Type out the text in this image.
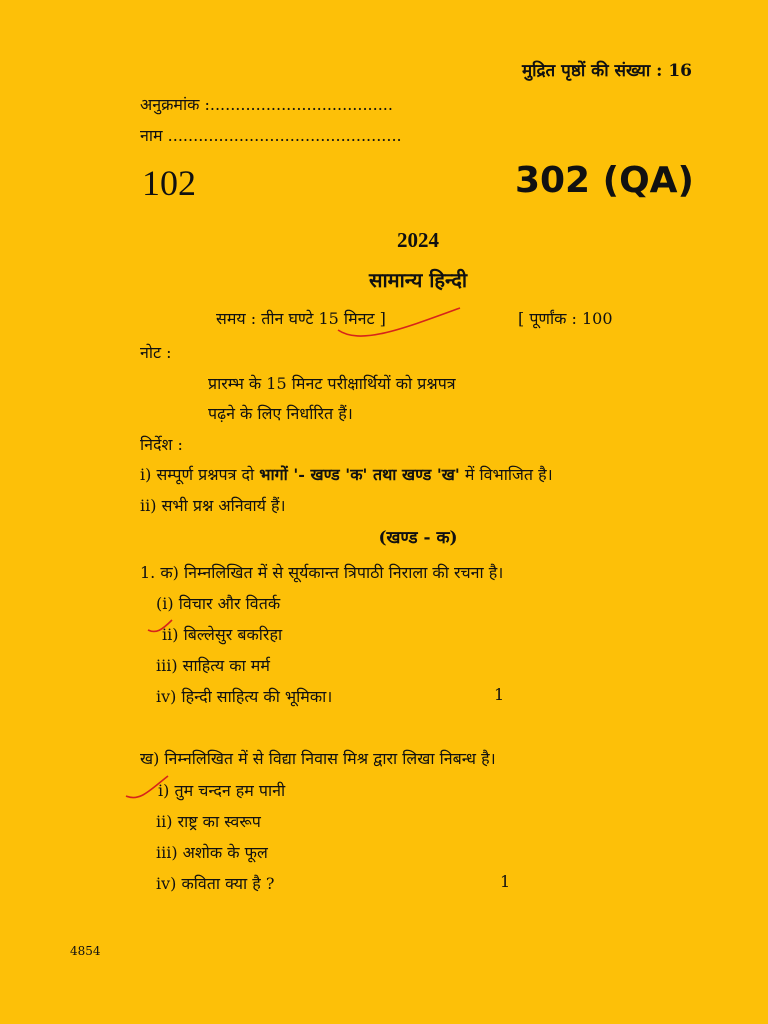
मुद्रित पृष्ठों की संख्या : 16
अनुक्रमांक :....................................
नाम ..............................................
102	302 (QA)
2024
सामान्य हिन्दी
समय : तीन घण्टे 15 मिनट ]	[ पूर्णांक : 100
नोट :
प्रारम्भ के 15 मिनट परीक्षार्थियों को प्रश्नपत्र
पढ़ने के लिए निर्धारित हैं।
निर्देश :
i) सम्पूर्ण प्रश्नपत्र दो भागों '- खण्ड 'क' तथा खण्ड 'ख' में विभाजित है।
ii) सभी प्रश्न अनिवार्य हैं।
(खण्ड - क)
1. क) निम्नलिखित में से सूर्यकान्त त्रिपाठी निराला की रचना है।
(i) विचार और वितर्क
ii) बिल्लेसुर बकरिहा
iii) साहित्य का मर्म
iv) हिन्दी साहित्य की भूमिका।	1
ख) निम्नलिखित में से विद्या निवास मिश्र द्वारा लिखा निबन्ध है।
i) तुम चन्दन हम पानी
ii) राष्ट्र का स्वरूप
iii) अशोक के फूल
iv) कविता क्या है ?	1
4854
